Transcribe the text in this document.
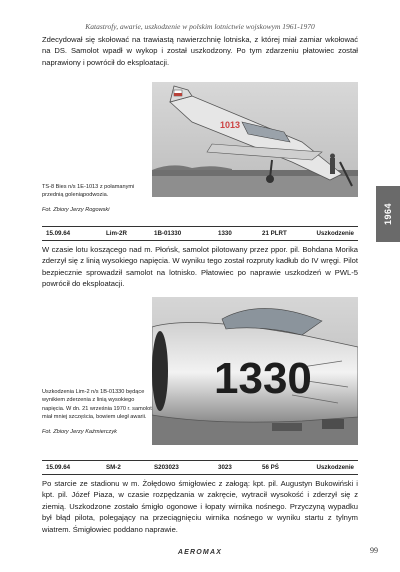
Katastrofy, awarie, uszkodzenie w polskim lotnictwie wojskowym 1961-1970
Zdecydował się skołować na trawiastą nawierzchnię lotniska, z której miał zamiar wkołować na DS. Samolot wpadł w wykop i został uszkodzony. Po tym zdarzeniu płatowiec został naprawiony i powrócił do eksploatacji.
1013
TS-8 Bies n/s 1E-1013 z połamanymi przednią goleniąpodwozia.
Fot. Zbiory Jerzy Rogowski
15.09.64	Lim-2R	1B-01330	1330	21 PLRT	Uszkodzenie
W czasie lotu koszącego nad m. Płońsk, samolot pilotowany przez ppor. pil. Bohdana Morika zderzył się z linią wysokiego napięcia. W wyniku tego został rozpruty kadłub do IV wręgi. Pilot bezpiecznie sprowadził samolot na lotnisko. Płatowiec po naprawie uszkodzeń w PWL-5 powrócił do eksploatacji.
1330
Uszkodzenia Lim-2 n/s 1B-01330 będące wynikiem zderzenia z linią wysokiego napięcia. W dn. 21 września 1970 r. samolot miał mniej szczęścia, bowiem uległ awarii.
Fot. Zbiory Jerzy Kaźmierczyk
15.09.64	SM-2	S203023	3023	56 PŚ	Uszkodzenie
Po starcie ze stadionu w m. Żołędowo śmigłowiec z załogą: kpt. pil. Augustyn Bukowiński i kpt. pil. Józef Piaza, w czasie rozpędzania w zakręcie, wytracił wysokość i zderzył się z ziemią. Uszkodzone zostało śmigło ogonowe i łopaty wirnika nośnego. Przyczyną wypadku był błąd pilota, polegający na przeciągnięciu wirnika nośnego w wyniku startu z tylnym wiatrem. Śmigłowiec poddano naprawie.
1964
AEROMAX	99
